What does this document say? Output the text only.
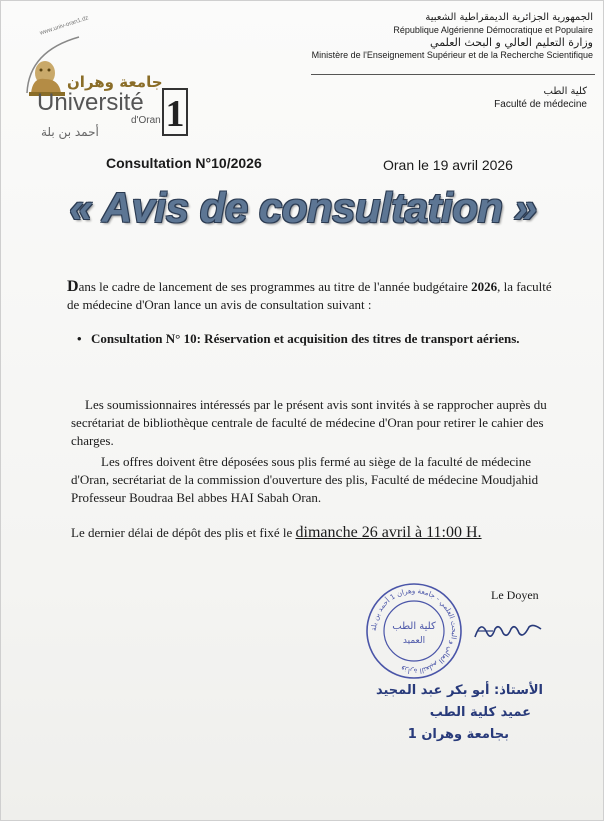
www.univ-oran1.dz
جامعة وهران
Université
d'Oran
أحمد بن بلة 1
الجمهورية الجزائرية الديمقراطية الشعبية
République Algérienne Démocratique et Populaire
وزارة التعليم العالي و البحث العلمي
Ministère de l'Enseignement Supérieur et de la Recherche Scientifique
كلية الطب
Faculté de médecine
Consultation N°10/2026	Oran le 19 avril 2026
« Avis de consultation »
Dans le cadre de lancement de ses programmes au titre de l'année budgétaire 2026, la faculté de médecine d'Oran lance un avis de consultation suivant :
• Consultation N° 10: Réservation et acquisition des titres de transport aériens.
Les soumissionnaires intéressés par le présent avis sont invités à se rapprocher auprès du secrétariat de bibliothèque centrale de faculté de médecine d'Oran pour retirer le cahier des charges.
Les offres doivent être déposées sous plis fermé au siège de la faculté de médecine d'Oran, secrétariat de la commission d'ouverture des plis, Faculté de médecine Moudjahid Professeur Boudraa Bel abbes HAI Sabah Oran.
Le dernier délai de dépôt des plis et fixé le dimanche 26 avril à 11:00 H.
Le Doyen
وزارة التعليم العالي و البحث العلمي - جامعة وهران 1 أحمد بن بلة
كلية الطب
العميد
الأستاذ: أبو بكر عبد المجيد
عميد كلية الطب
بجامعة وهران 1
